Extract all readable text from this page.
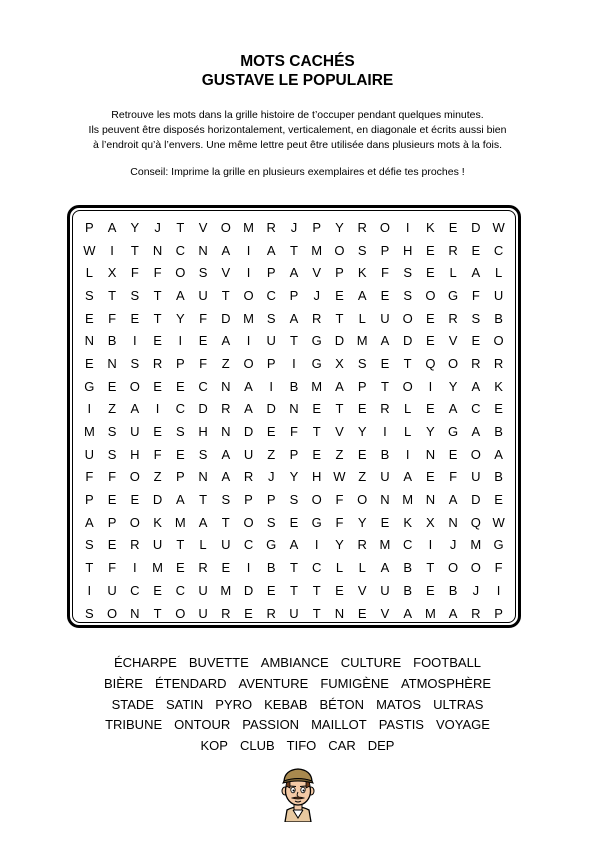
MOTS CACHÉS
GUSTAVE LE POPULAIRE
Retrouve les mots dans la grille histoire de t’occuper pendant quelques minutes.
Ils peuvent être disposés horizontalement, verticalement, en diagonale et écrits aussi bien
à l’endroit qu’à l’envers. Une même lettre peut être utilisée dans plusieurs mots à la fois.
Conseil: Imprime la grille en plusieurs exemplaires et défie tes proches !
P	A	Y	J	T	V	O M R	J	P	Y	R O	I	K	E	D W
W	I	T	N	C	N	A	I	A	T	M O	S	P	H	E	R	E	C
L	X	F	F	O	S	V	I	P	A	V	P	K	F	S	E	L	A	L
S	T	S	T	A	U	T	O C	P	J	E	A	E	S	O G	F	U
E	F	E	T	Y	F	D M S	A	R	T	L	U O	E	R	S	B
N	B	I	E	I	E	A	I	U	T	G D M A	D	E	V	E	O
E	N	S	R	P	F	Z	O	P	I	G	X	S	E	T	Q O R	R
G	E	O	E	E	C	N	A	I	B M A	P	T	O	I	Y	A	K
I	Z	A	I	C	D	R	A	D	N	E	T	E	R	L	E	A	C	E
M S	U	E	S	H	N	D	E	F	T	V	Y	I	L	Y	G	A	B
U	S	H	F	E	S	A	U	Z	P	E	Z	E	B	I	N	E	O	A
F	F	O	Z	P	N	A	R	J	Y	H W Z	U	A	E	F	U	B
P	E	E	D	A	T	S	P	P	S	O	F	O N M N	A	D	E
A	P	O	K M A	T	O	S	E	G	F	Y	E	K	X	N Q W
S	E	R	U	T	L	U	C G	A	I	Y	R M C	I	J	M G
T	F	I	M E	R	E	I	B	T	C	L	L	A	B	T	O O	F
I	U	C	E	C	U M D	E	T	T	E	V	U	B	E	B	J	I
S	O N	T	O U	R	E	R	U	T	N	E	V	A M A	R	P
ÉCHARPE BUVETTE AMBIANCE CULTURE FOOTBALL
BIÈRE ÉTENDARD AVENTURE FUMIGÈNE ATMOSPHÈRE
STADE SATIN PYRO KEBAB BÉTON MATOS ULTRAS
TRIBUNE ONTOUR PASSION MAILLOT PASTIS VOYAGE
KOP CLUB TIFO CAR DEP
